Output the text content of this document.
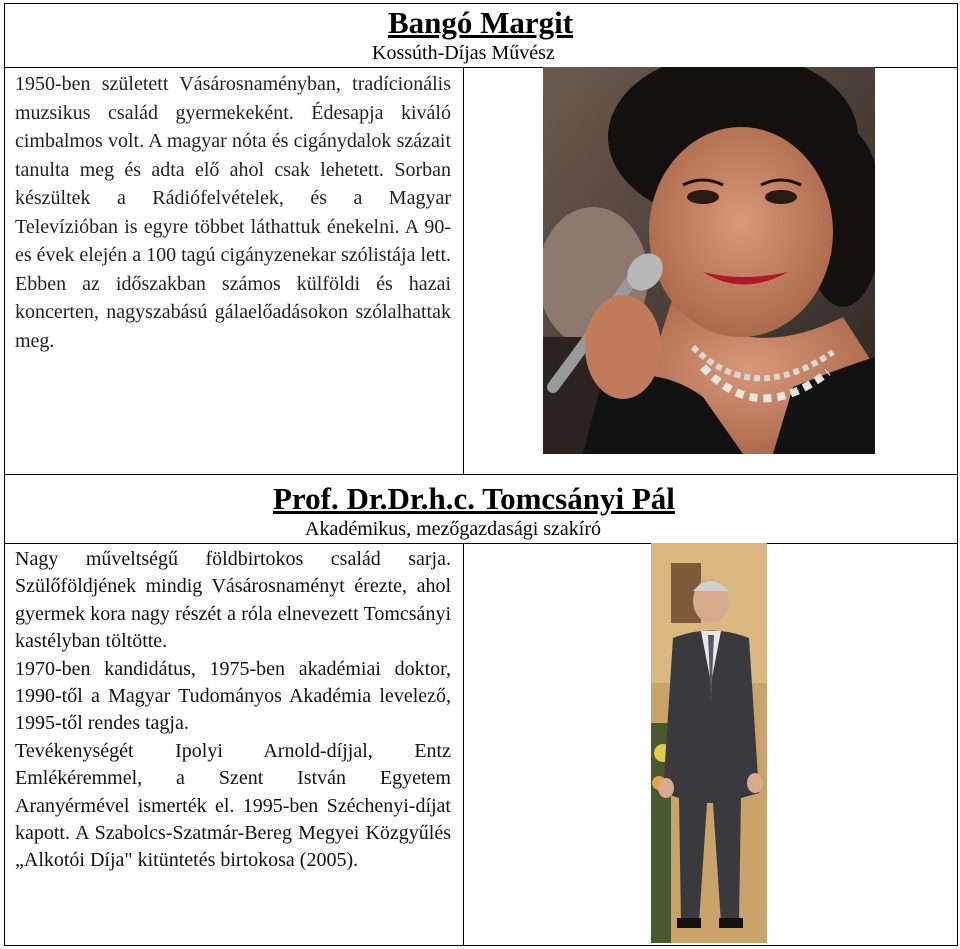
Bangó Margit
Kossúth-Díjas Művész

1950-ben született Vásárosnaményban, tradícionális muzsikus család gyermekeként. Édesapja kiváló cimbalmos volt. A magyar nóta és cigánydalok százait tanulta meg és adta elő ahol csak lehetett. Sorban készültek a Rádiófelvételek, és a Magyar Televízióban is egyre többet láthattuk énekelni. A 90-es évek elején a 100 tagú cigányzenekar szólistája lett. Ebben az időszakban számos külföldi és hazai koncerten, nagyszabású gálaelőadásokon szólalhattak meg.

Prof. Dr.Dr.h.c. Tomcsányi Pál
Akadémikus, mezőgazdasági szakíró

Nagy műveltségű földbirtokos család sarja. Szülőföldjének mindig Vásárosnaményt érezte, ahol gyermek kora nagy részét a róla elnevezett Tomcsányi kastélyban töltötte.

1970-ben kandidátus, 1975-ben akadémiai doktor, 1990-től a Magyar Tudományos Akadémia levelező, 1995-től rendes tagja.

Tevékenységét Ipolyi Arnold-díjjal, Entz Emlékéremmel, a Szent István Egyetem Aranyérmével ismerték el. 1995-ben Széchenyi-díjat kapott. A Szabolcs-Szatmár-Bereg Megyei Közgyűlés „Alkotói Díja" kitüntetés birtokosa (2005).
